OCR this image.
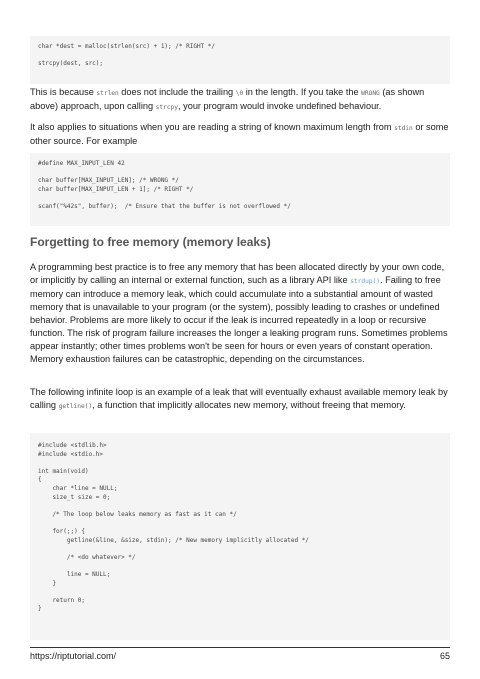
char *dest = malloc(strlen(src) + 1); /* RIGHT */

strcpy(dest, src);

This is because strlen does not include the trailing \0 in the length. If you take the WRONG (as shown above) approach, upon calling strcpy, your program would invoke undefined behaviour.

It also applies to situations when you are reading a string of known maximum length from stdin or some other source. For example

#define MAX_INPUT_LEN 42

char buffer[MAX_INPUT_LEN]; /* WRONG */
char buffer[MAX_INPUT_LEN + 1]; /* RIGHT */

scanf("%42s", buffer);  /* Ensure that the buffer is not overflowed */
Forgetting to free memory (memory leaks)

A programming best practice is to free any memory that has been allocated directly by your own code, or implicitly by calling an internal or external function, such as a library API like strdup(). Failing to free memory can introduce a memory leak, which could accumulate into a substantial amount of wasted memory that is unavailable to your program (or the system), possibly leading to crashes or undefined behavior. Problems are more likely to occur if the leak is incurred repeatedly in a loop or recursive function. The risk of program failure increases the longer a leaking program runs. Sometimes problems appear instantly; other times problems won't be seen for hours or even years of constant operation. Memory exhaustion failures can be catastrophic, depending on the circumstances.

The following infinite loop is an example of a leak that will eventually exhaust available memory leak by calling getline(), a function that implicitly allocates new memory, without freeing that memory.

#include <stdlib.h>
#include <stdio.h>

int main(void)
{
char *line = NULL;
size_t size = 0;

/* The loop below leaks memory as fast as it can */

for(;;) {
getline(&line, &size, stdin); /* New memory implicitly allocated */

/* <do whatever> */

line = NULL;
}

return 0;
}
https://riptutorial.com/	65
